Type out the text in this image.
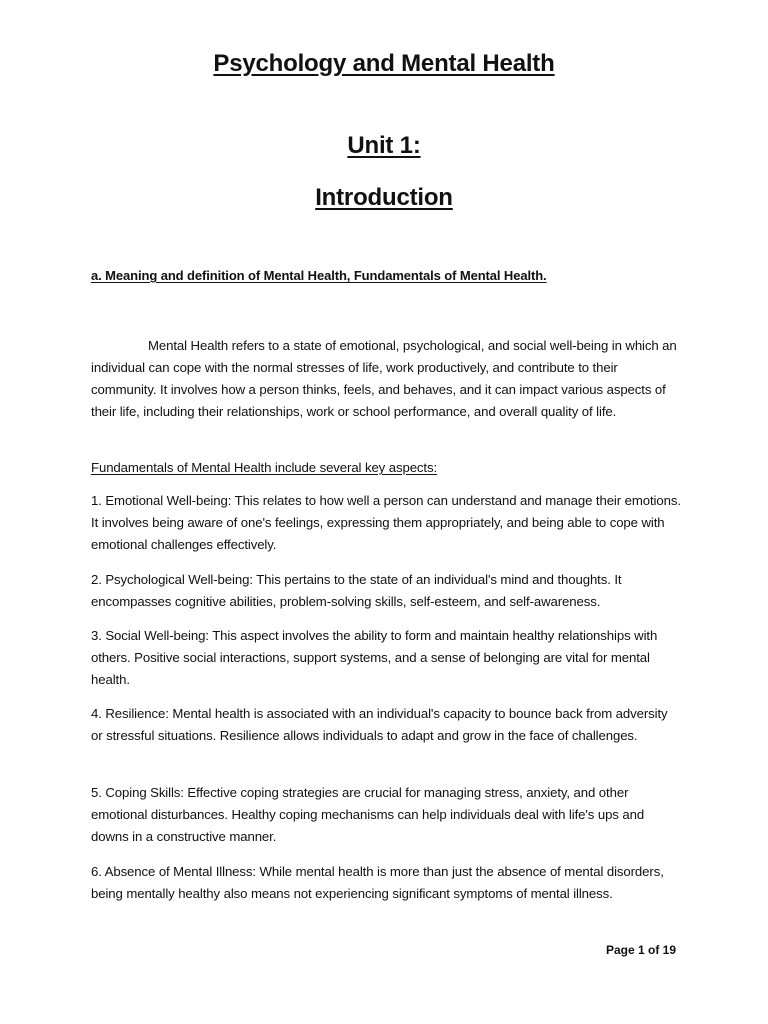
Psychology and Mental Health
Unit 1:
Introduction
a. Meaning and definition of Mental Health, Fundamentals of Mental Health.

Mental Health refers to a state of emotional, psychological, and social well-being in which an individual can cope with the normal stresses of life, work productively, and contribute to their community. It involves how a person thinks, feels, and behaves, and it can impact various aspects of their life, including their relationships, work or school performance, and overall quality of life.

Fundamentals of Mental Health include several key aspects:

1. Emotional Well-being: This relates to how well a person can understand and manage their emotions. It involves being aware of one's feelings, expressing them appropriately, and being able to cope with emotional challenges effectively.

2. Psychological Well-being: This pertains to the state of an individual's mind and thoughts. It encompasses cognitive abilities, problem-solving skills, self-esteem, and self-awareness.

3. Social Well-being: This aspect involves the ability to form and maintain healthy relationships with others. Positive social interactions, support systems, and a sense of belonging are vital for mental health.

4. Resilience: Mental health is associated with an individual's capacity to bounce back from adversity or stressful situations. Resilience allows individuals to adapt and grow in the face of challenges.

5. Coping Skills: Effective coping strategies are crucial for managing stress, anxiety, and other emotional disturbances. Healthy coping mechanisms can help individuals deal with life's ups and downs in a constructive manner.

6. Absence of Mental Illness: While mental health is more than just the absence of mental disorders, being mentally healthy also means not experiencing significant symptoms of mental illness.

Page 1 of 19
